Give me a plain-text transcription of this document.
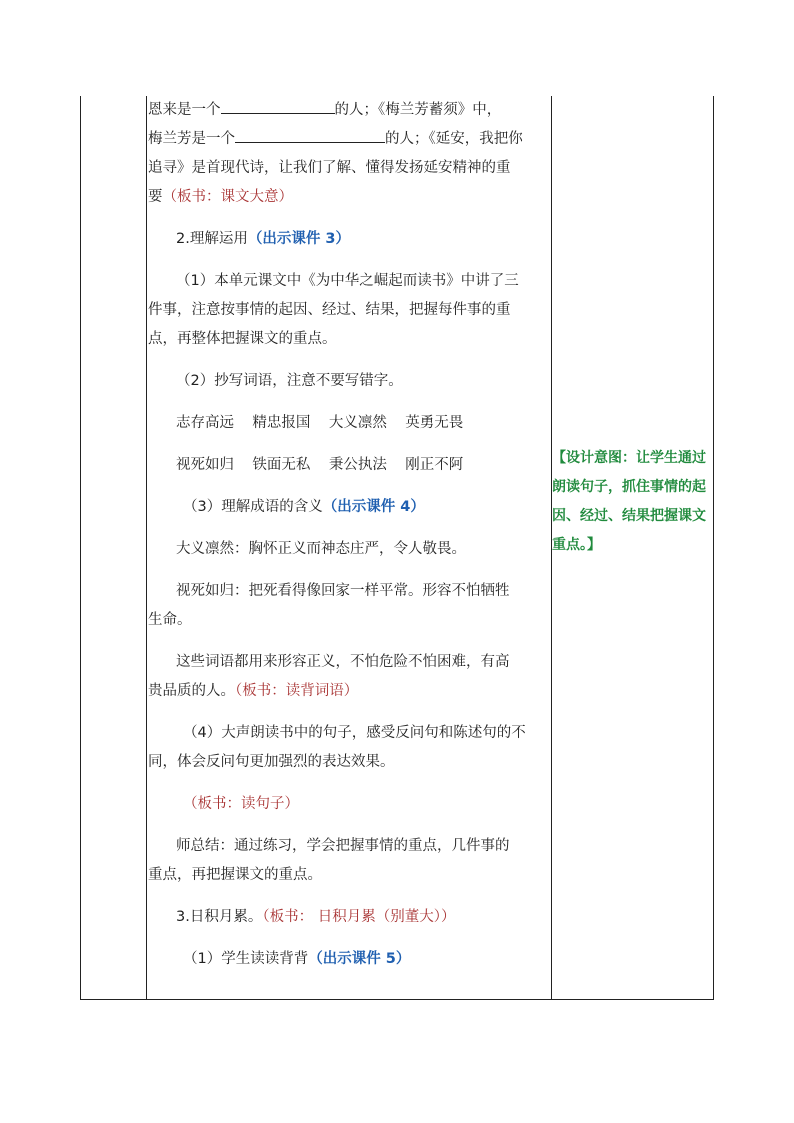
恩来是一个	的人；《梅兰芳蓄须》中，

梅兰芳是一个	的人；《延安，我把你

追寻》是首现代诗，让我们了解、懂得发扬延安精神的重

要（板书：课文大意）

2.理解运用（出示课件 3）

（1）本单元课文中《为中华之崛起而读书》中讲了三

件事，注意按事情的起因、经过、结果，把握每件事的重

点，再整体把握课文的重点。

（2）抄写词语，注意不要写错字。

志存高远    精忠报国    大义凛然    英勇无畏

视死如归    铁面无私    秉公执法    刚正不阿

（3）理解成语的含义（出示课件 4）

大义凛然：胸怀正义而神态庄严，令人敬畏。

视死如归：把死看得像回家一样平常。形容不怕牺牲

生命。

这些词语都用来形容正义，不怕危险不怕困难，有高

贵品质的人。（板书：读背词语）

（4）大声朗读书中的句子，感受反问句和陈述句的不

同，体会反问句更加强烈的表达效果。

（板书：读句子）

师总结：通过练习，学会把握事情的重点，几件事的

重点，再把握课文的重点。

3.日积月累。（板书： 日积月累（别董大））

（1）学生读读背背（出示课件 5）

【设计意图：让学生通过
朗读句子，抓住事情的起
因、经过、结果把握课文
重点。】
